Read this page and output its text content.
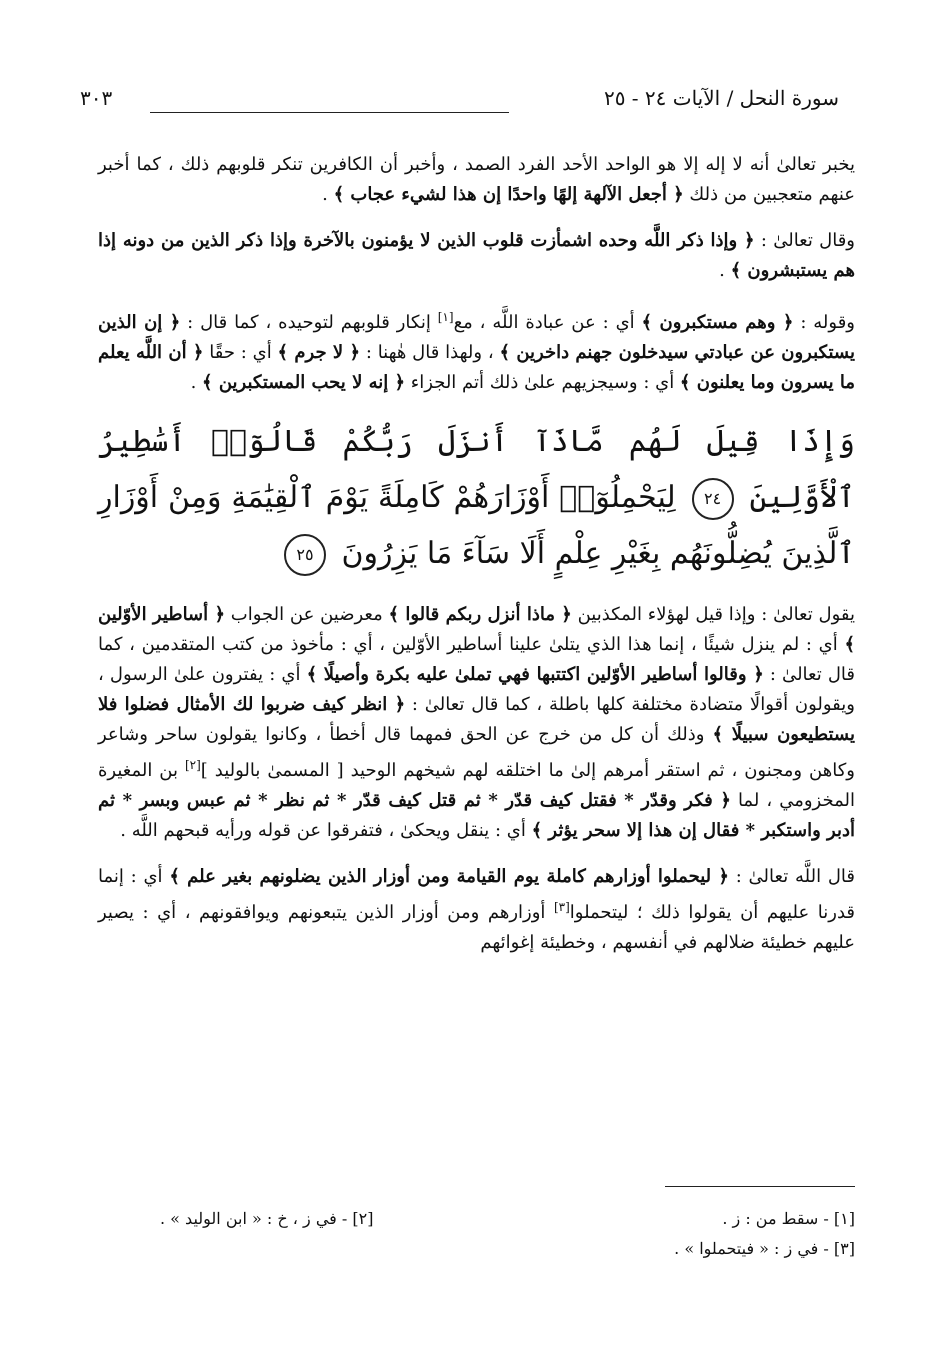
سورة النحل / الآيات ٢٤ - ٢٥
٣٠٣

يخبر تعالىٰ أنه لا إله إلا هو الواحد الأحد الفرد الصمد ، وأخبر أن الكافرين تنكر قلوبهم ذلك ، كما أخبر عنهم متعجبين من ذلك ﴿ أجعل الآلهة إلهًا واحدًا إن هذا لشيء عجاب ﴾ .

وقال تعالىٰ : ﴿ وإذا ذكر اللَّه وحده اشمأزت قلوب الذين لا يؤمنون بالآخرة وإذا ذكر الذين من دونه إذا هم يستبشرون ﴾ .

وقوله : ﴿ وهم مستكبرون ﴾ أي : عن عبادة اللَّه ، مع[١] إنكار قلوبهم لتوحيده ، كما قال : ﴿ إن الذين يستكبرون عن عبادتي سيدخلون جهنم داخرين ﴾ ، ولهذا قال هٰهنا : ﴿ لا جرم ﴾ أي : حقًا ﴿ أن اللَّه يعلم ما يسرون وما يعلنون ﴾ أي : وسيجزيهم علىٰ ذلك أتم الجزاء ﴿ إنه لا يحب المستكبرين ﴾ .

وَإِذَا قِيلَ لَهُم مَّاذَآ أَنزَلَ رَبُّكُمْ قَالُوٓا۟ أَسَٰطِيرُ ٱلْأَوَّلِينَ ٢٤ لِيَحْمِلُوٓا۟ أَوْزَارَهُمْ كَامِلَةً يَوْمَ ٱلْقِيَٰمَةِ وَمِنْ أَوْزَارِ ٱلَّذِينَ يُضِلُّونَهُم بِغَيْرِ عِلْمٍ أَلَا سَآءَ مَا يَزِرُونَ ٢٥

يقول تعالىٰ : وإذا قيل لهؤلاء المكذبين ﴿ ماذا أنزل ربكم قالوا ﴾ معرضين عن الجواب ﴿ أساطير الأوّلين ﴾ أي : لم ينزل شيئًا ، إنما هذا الذي يتلىٰ علينا أساطير الأوّلين ، أي : مأخوذ من كتب المتقدمين ، كما قال تعالىٰ : ﴿ وقالوا أساطير الأوّلين اكتتبها فهي تملىٰ عليه بكرة وأصيلًا ﴾ أي : يفترون علىٰ الرسول ، ويقولون أقوالًا متضادة مختلفة كلها باطلة ، كما قال تعالىٰ : ﴿ انظر كيف ضربوا لك الأمثال فضلوا فلا يستطيعون سبيلًا ﴾ وذلك أن كل من خرج عن الحق فمهما قال أخطأ ، وكانوا يقولون ساحر وشاعر وكاهن ومجنون ، ثم استقر أمرهم إلىٰ ما اختلقه لهم شيخهم الوحيد [ المسمىٰ بالوليد ][٢] بن المغيرة المخزومي ، لما ﴿ فكر وقدّر * فقتل كيف قدّر * ثم قتل كيف قدّر * ثم نظر * ثم عبس وبسر * ثم أدبر واستكبر * فقال إن هذا إلا سحر يؤثر ﴾ أي : ينقل ويحكىٰ ، فتفرقوا عن قوله ورأيه قبحهم اللَّه .

قال اللَّه تعالىٰ : ﴿ ليحملوا أوزارهم كاملة يوم القيامة ومن أوزار الذين يضلونهم بغير علم ﴾ أي : إنما قدرنا عليهم أن يقولوا ذلك ؛ ليتحملوا[٣] أوزارهم ومن أوزار الذين يتبعونهم ويوافقونهم ، أي : يصير عليهم خطيئة ضلالهم في أنفسهم ، وخطيئة إغوائهم

[١] - سقط من : ز .
[٢] - في ز ، خ : « ابن الوليد » .
[٣] - في ز : « فيتحملوا » .
